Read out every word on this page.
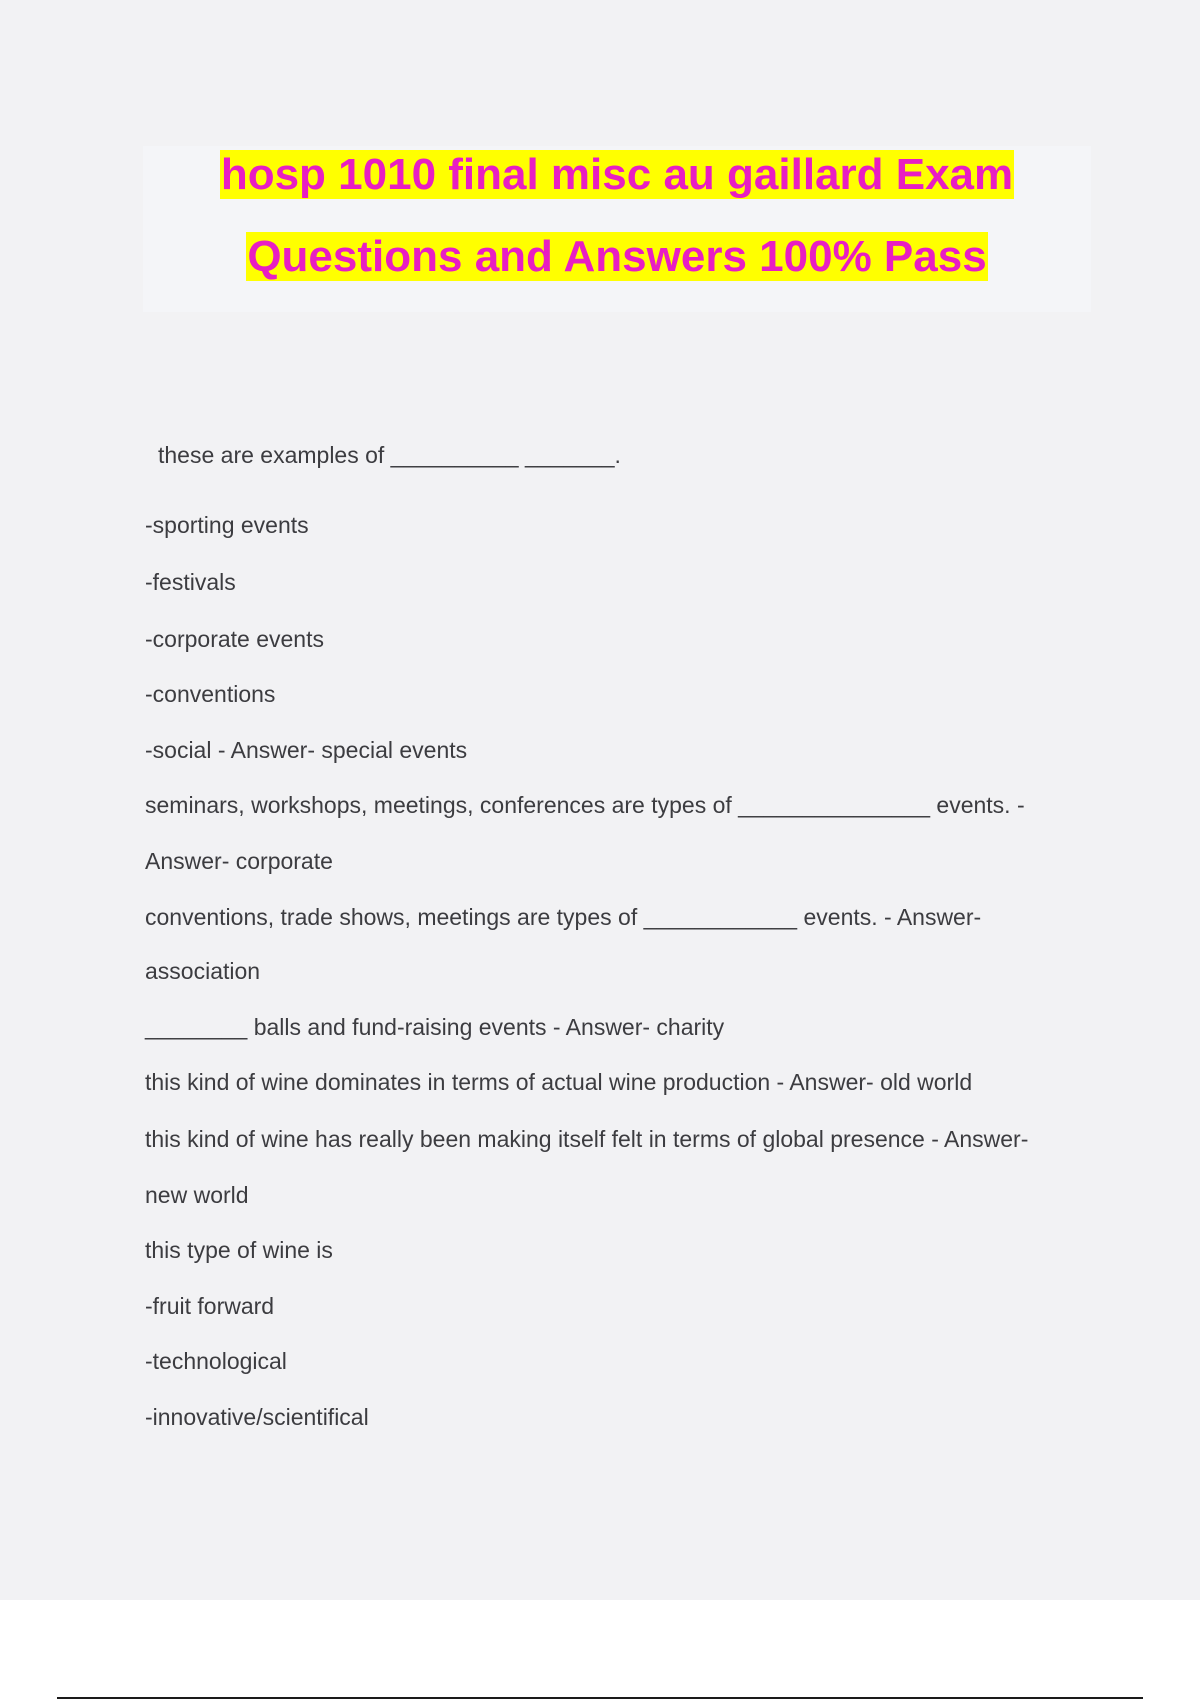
hosp 1010 final misc au gaillard Exam
Questions and Answers 100% Pass
these are examples of __________ _______.
-sporting events
-festivals
-corporate events
-conventions
-social - Answer- special events
seminars, workshops, meetings, conferences are types of _______________ events. -
Answer- corporate
conventions, trade shows, meetings are types of ____________ events. - Answer-
association
________ balls and fund-raising events - Answer- charity
this kind of wine dominates in terms of actual wine production - Answer- old world
this kind of wine has really been making itself felt in terms of global presence - Answer-
new world
this type of wine is
-fruit forward
-technological
-innovative/scientifical
